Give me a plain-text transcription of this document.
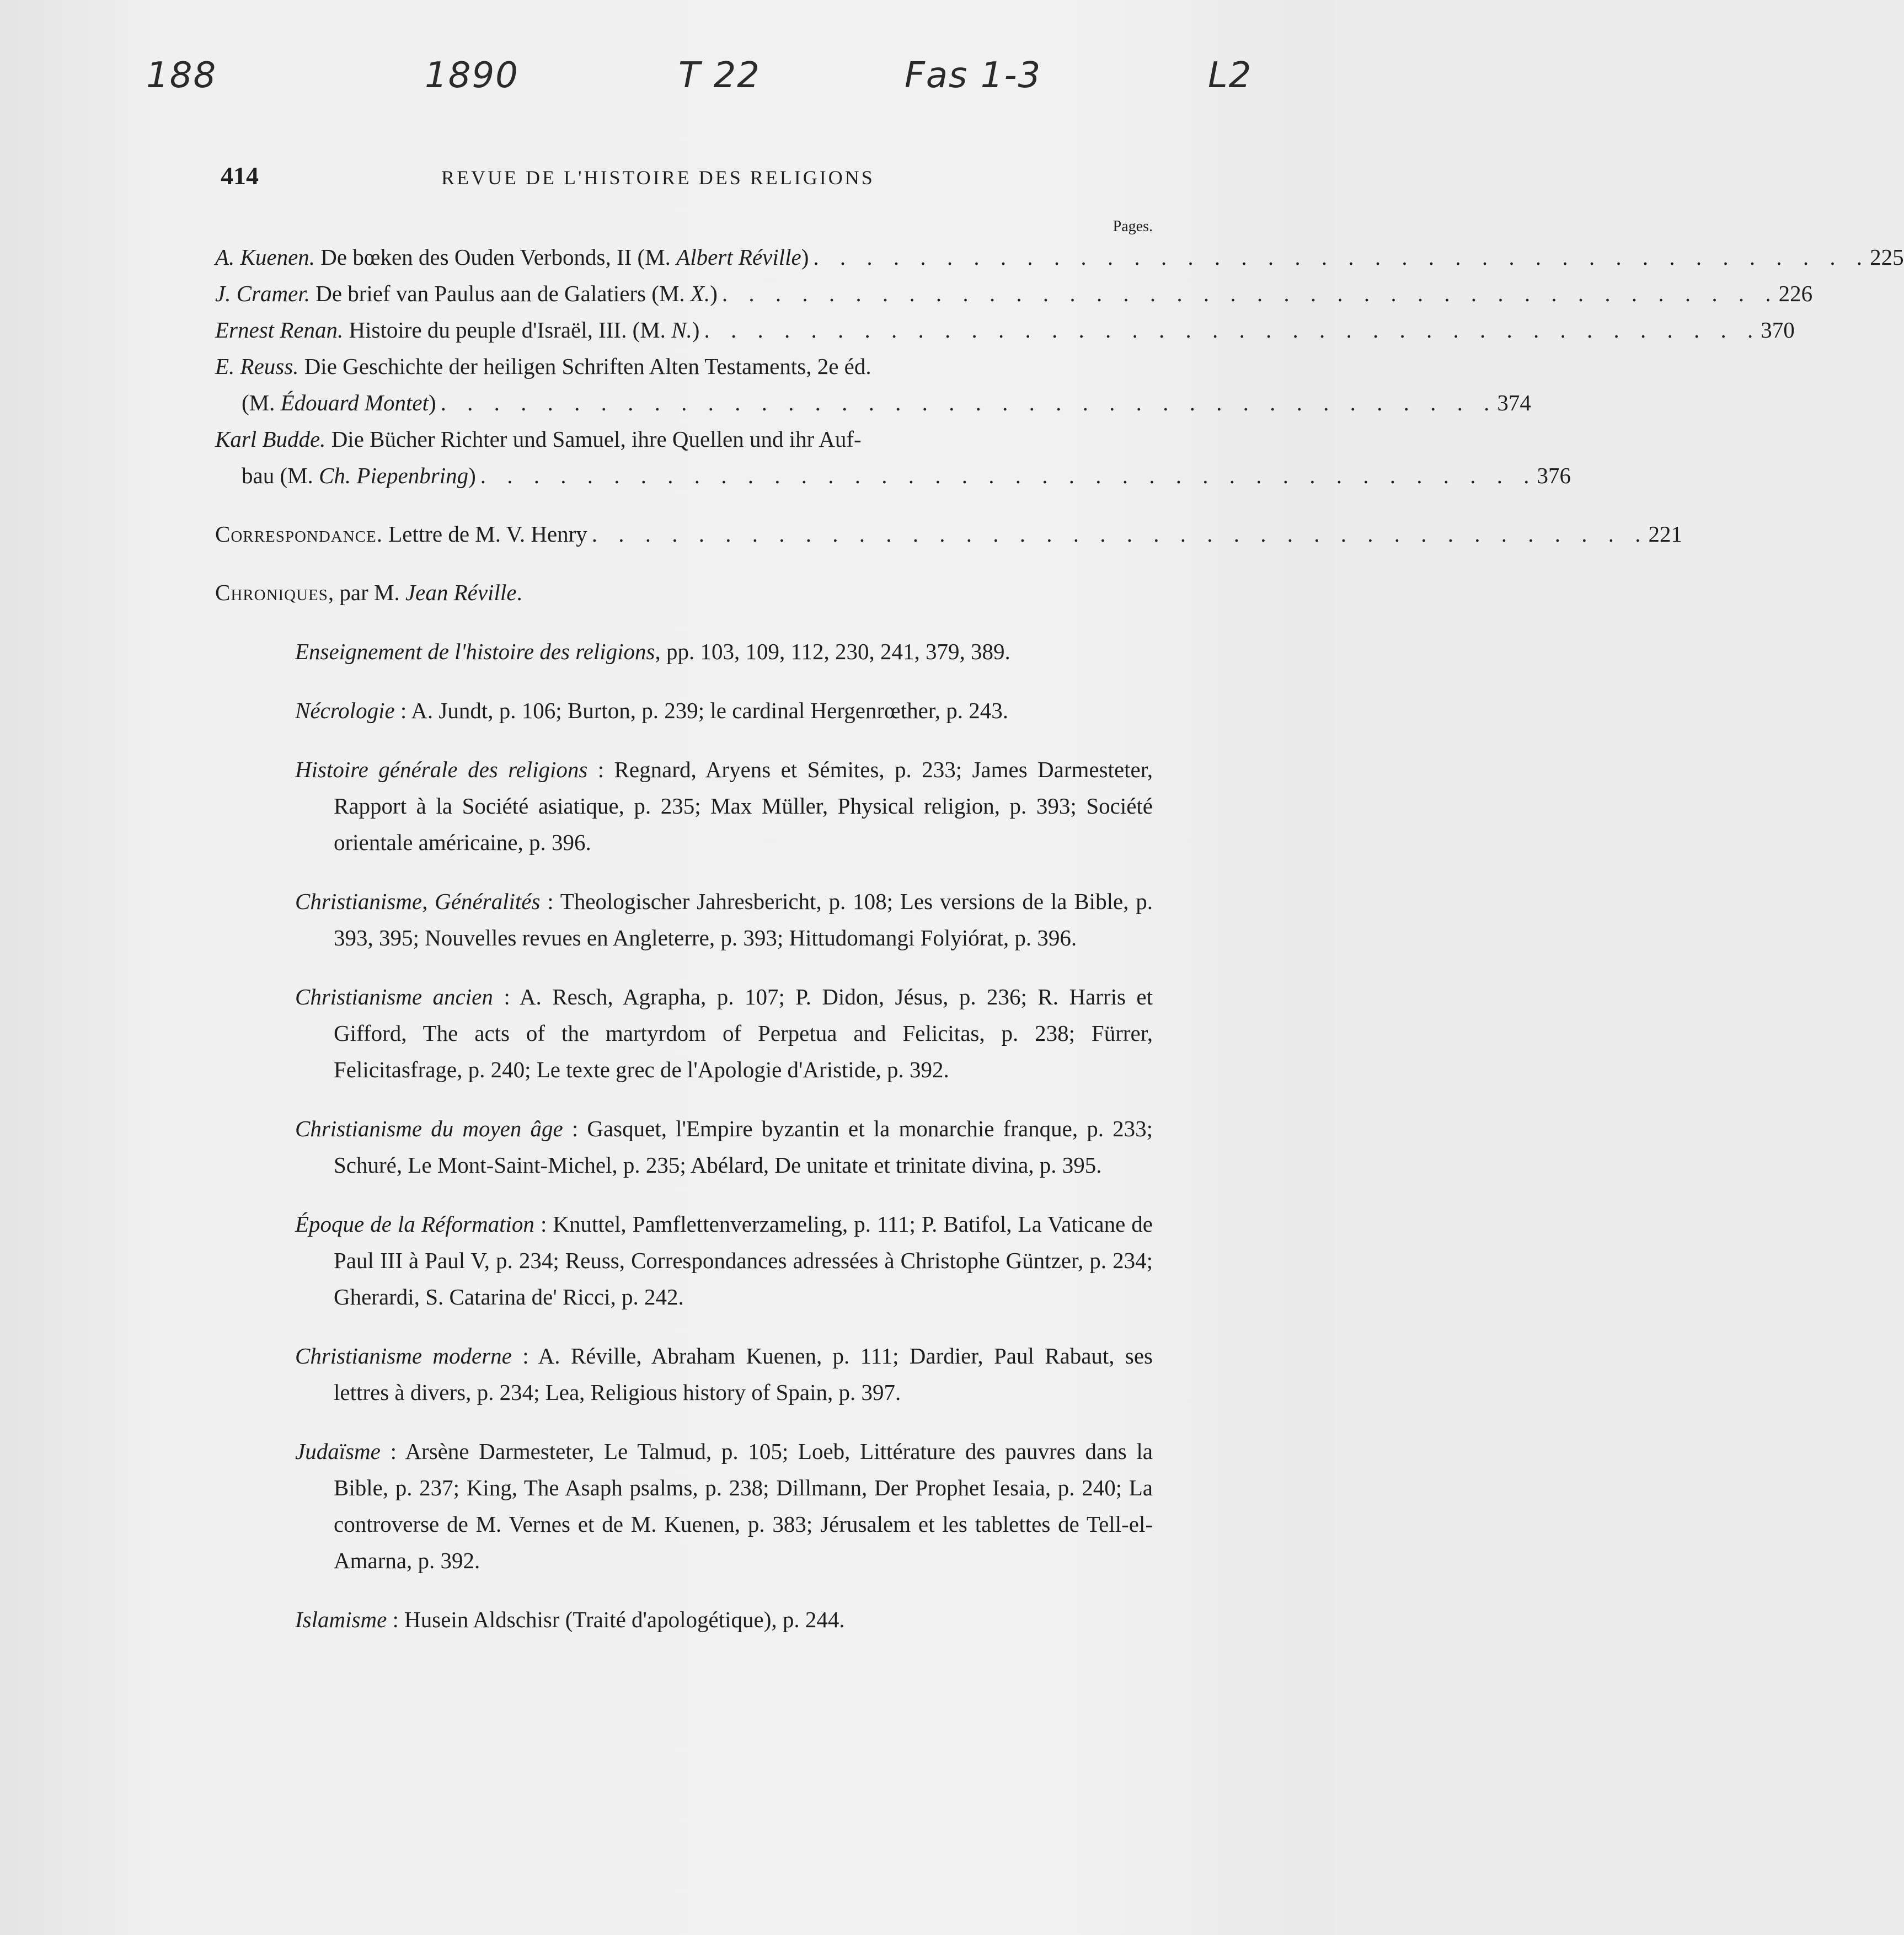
188	1890	T 22	Fas 1-3	L2
414	REVUE DE L'HISTOIRE DES RELIGIONS
Pages.
A. Kuenen. De bœken des Ouden Verbonds, II (M. Albert Réville) . . . . . . . . . . . . . . . . . . . . . . . . . . . . . . . . . . . . . . . . 225
J. Cramer. De brief van Paulus aan de Galatiers (M. X.) . . . . . . . . . . . . . . . . . . . . . . . . . . . . . . . . . . . . . . . . 226
Ernest Renan. Histoire du peuple d'Israël, III. (M. N.) . . . . . . . . . . . . . . . . . . . . . . . . . . . . . . . . . . . . . . . . 370
E. Reuss. Die Geschichte der heiligen Schriften Alten Testaments, 2e éd.
(M. Édouard Montet) . . . . . . . . . . . . . . . . . . . . . . . . . . . . . . . . . . . . . . . . 374
Karl Budde. Die Bücher Richter und Samuel, ihre Quellen und ihr Auf-
bau (M. Ch. Piepenbring) . . . . . . . . . . . . . . . . . . . . . . . . . . . . . . . . . . . . . . . . 376
Correspondance. Lettre de M. V. Henry . . . . . . . . . . . . . . . . . . . . . . . . . . . . . . . . . . . . . . . . 221
Chroniques, par M. Jean Réville.

Enseignement de l'histoire des religions, pp. 103, 109, 112, 230, 241, 379, 389.

Nécrologie : A. Jundt, p. 106; Burton, p. 239; le cardinal Hergenrœther, p. 243.

Histoire générale des religions : Regnard, Aryens et Sémites, p. 233; James Darmesteter, Rapport à la Société asiatique, p. 235; Max Müller, Physical religion, p. 393; Société orientale américaine, p. 396.

Christianisme, Généralités : Theologischer Jahresbericht, p. 108; Les versions de la Bible, p. 393, 395; Nouvelles revues en Angleterre, p. 393; Hittudomangi Folyiórat, p. 396.

Christianisme ancien : A. Resch, Agrapha, p. 107; P. Didon, Jésus, p. 236; R. Harris et Gifford, The acts of the martyrdom of Perpetua and Felicitas, p. 238; Fürrer, Felicitasfrage, p. 240; Le texte grec de l'Apologie d'Aristide, p. 392.

Christianisme du moyen âge : Gasquet, l'Empire byzantin et la monarchie franque, p. 233; Schuré, Le Mont-Saint-Michel, p. 235; Abélard, De unitate et trinitate divina, p. 395.

Époque de la Réformation : Knuttel, Pamflettenverzameling, p. 111; P. Batifol, La Vaticane de Paul III à Paul V, p. 234; Reuss, Correspondances adressées à Christophe Güntzer, p. 234; Gherardi, S. Catarina de' Ricci, p. 242.

Christianisme moderne : A. Réville, Abraham Kuenen, p. 111; Dardier, Paul Rabaut, ses lettres à divers, p. 234; Lea, Religious history of Spain, p. 397.

Judaïsme : Arsène Darmesteter, Le Talmud, p. 105; Loeb, Littérature des pauvres dans la Bible, p. 237; King, The Asaph psalms, p. 238; Dillmann, Der Prophet Iesaia, p. 240; La controverse de M. Vernes et de M. Kuenen, p. 383; Jérusalem et les tablettes de Tell-el-Amarna, p. 392.

Islamisme : Husein Aldschisr (Traité d'apologétique), p. 244.
